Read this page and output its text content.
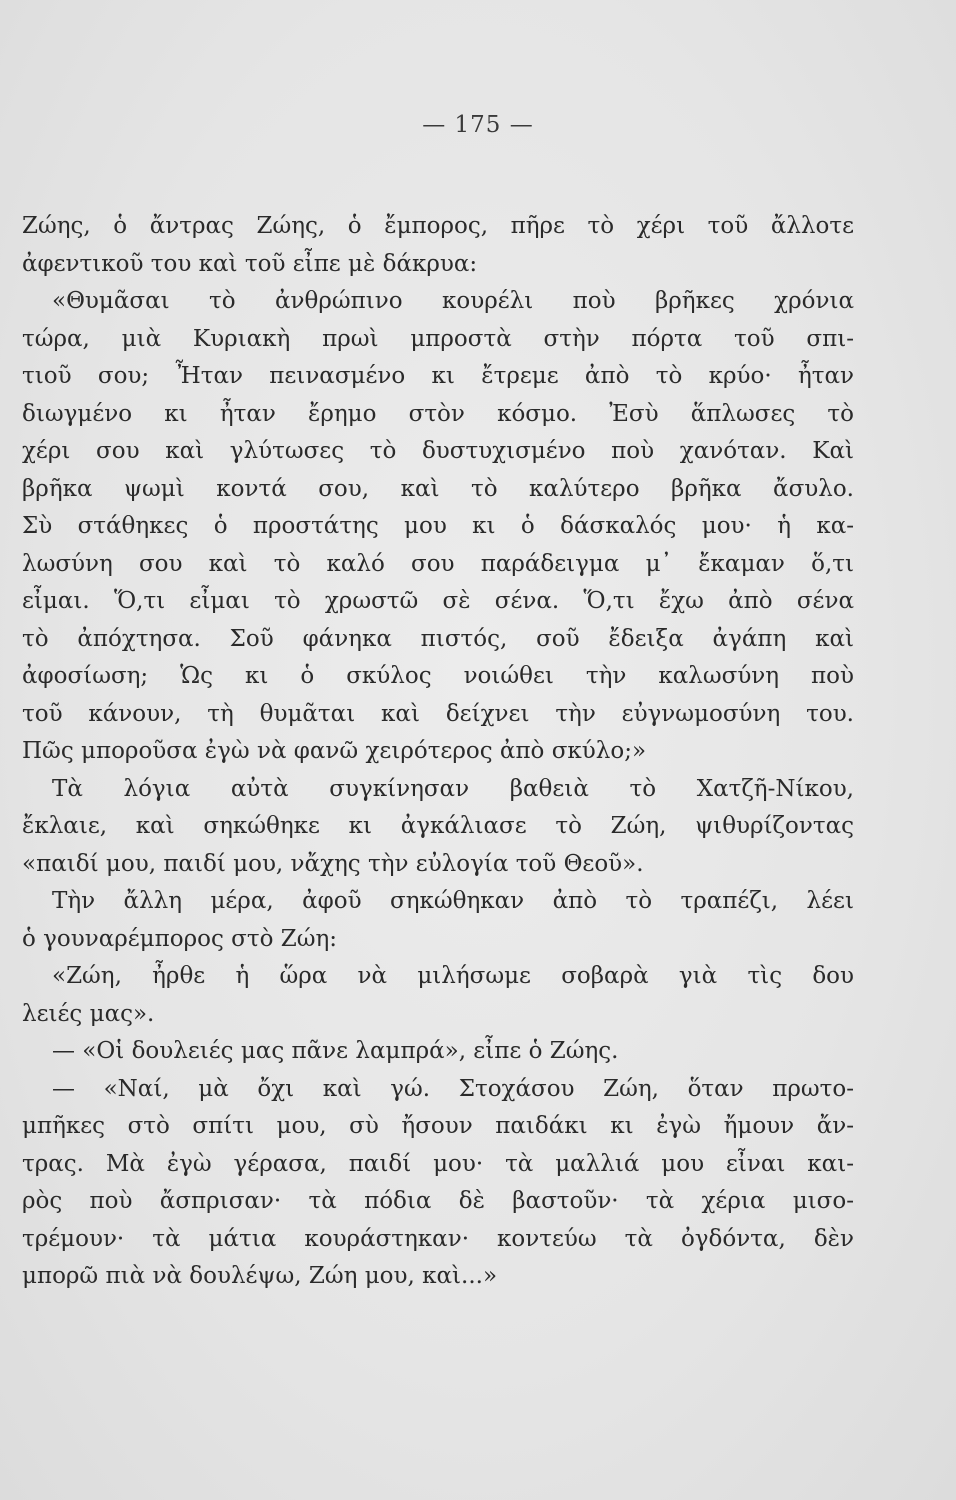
— 175 —
Ζώης, ὁ ἄντρας Ζώης, ὁ ἔμπορος, πῆρε τὸ χέρι τοῦ ἄλλοτε
ἀφεντικοῦ του καὶ τοῦ εἶπε μὲ δάκρυα:
«Θυμᾶσαι τὸ ἀνθρώπινο κουρέλι ποὺ βρῆκες χρόνια
τώρα, μιὰ Κυριακὴ πρωὶ μπροστὰ στὴν πόρτα τοῦ σπι-
τιοῦ σου; Ἦταν πεινασμένο κι ἔτρεμε ἀπὸ τὸ κρύο· ἦταν
διωγμένο κι ἦταν ἔρημο στὸν κόσμο. Ἐσὺ ἅπλωσες τὸ
χέρι σου καὶ γλύτωσες τὸ δυστυχισμένο ποὺ χανόταν. Καὶ
βρῆκα ψωμὶ κοντά σου, καὶ τὸ καλύτερο βρῆκα ἄσυλο.
Σὺ στάθηκες ὁ προστάτης μου κι ὁ δάσκαλός μου· ἡ κα-
λωσύνη σου καὶ τὸ καλό σου παράδειγμα μ᾽ ἔκαμαν ὅ,τι
εἶμαι. Ὅ,τι εἶμαι τὸ χρωστῶ σὲ σένα. Ὅ,τι ἔχω ἀπὸ σένα
τὸ ἀπόχτησα. Σοῦ φάνηκα πιστός, σοῦ ἔδειξα ἀγάπη καὶ
ἀφοσίωση; Ὡς κι ὁ σκύλος νοιώθει τὴν καλωσύνη ποὺ
τοῦ κάνουν, τὴ θυμᾶται καὶ δείχνει τὴν εὐγνωμοσύνη του.
Πῶς μποροῦσα ἐγὼ νὰ φανῶ χειρότερος ἀπὸ σκύλο;»
Τὰ λόγια αὐτὰ συγκίνησαν βαθειὰ τὸ Χατζῆ-Νίκου,
ἔκλαιε, καὶ σηκώθηκε κι ἀγκάλιασε τὸ Ζώη, ψιθυρίζοντας
«παιδί μου, παιδί μου, νἄχης τὴν εὐλογία τοῦ Θεοῦ».
Τὴν ἄλλη μέρα, ἀφοῦ σηκώθηκαν ἀπὸ τὸ τραπέζι, λέει
ὁ γουναρέμπορος στὸ Ζώη:
«Ζώη, ἦρθε ἡ ὥρα νὰ μιλήσωμε σοβαρὰ γιὰ τὶς δου
λειές μας».
— «Οἱ δουλειές μας πᾶνε λαμπρά», εἶπε ὁ Ζώης.
— «Ναί, μὰ ὄχι καὶ γώ. Στοχάσου Ζώη, ὅταν πρωτο-
μπῆκες στὸ σπίτι μου, σὺ ἤσουν παιδάκι κι ἐγὼ ἤμουν ἄν-
τρας. Μὰ ἐγὼ γέρασα, παιδί μου· τὰ μαλλιά μου εἶναι και-
ρὸς ποὺ ἄσπρισαν· τὰ πόδια δὲ βαστοῦν· τὰ χέρια μισο-
τρέμουν· τὰ μάτια κουράστηκαν· κοντεύω τὰ ὀγδόντα, δὲν
μπορῶ πιὰ νὰ δουλέψω, Ζώη μου, καὶ...»
